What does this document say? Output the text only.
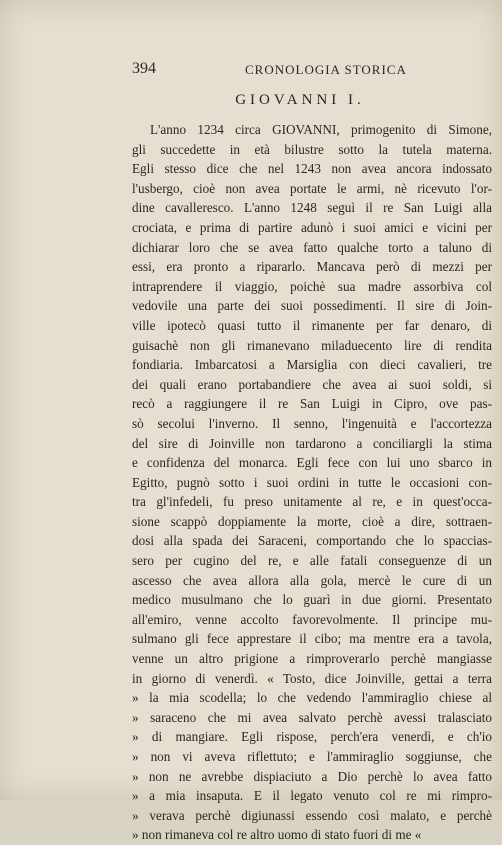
394	CRONOLOGIA STORICA
GIOVANNI I.
L'anno 1234 circa GIOVANNI, primogenito di Simone,
gli succedette in età bilustre sotto la tutela materna.
Egli stesso dice che nel 1243 non avea ancora indossato
l'usbergo, cioè non avea portate le armi, nè ricevuto l'or-
dine cavalleresco. L'anno 1248 seguì il re San Luigi alla
crociata, e prima di partire adunò i suoi amici e vicini per
dichiarar loro che se avea fatto qualche torto a taluno di
essi, era pronto a ripararlo. Mancava però di mezzi per
intraprendere il viaggio, poichè sua madre assorbiva col
vedovile una parte dei suoi possedimenti. Il sire di Join-
ville ipotecò quasi tutto il rimanente per far denaro, di
guisachè non gli rimanevano miladuecento lire di rendita
fondiaria. Imbarcatosi a Marsiglia con dieci cavalieri, tre
dei quali erano portabandiere che avea ai suoi soldi, si
recò a raggiungere il re San Luigi in Cipro, ove pas-
sò secolui l'inverno. Il senno, l'ingenuità e l'accortezza
del sire di Joinville non tardarono a conciliargli la stima
e confidenza del monarca. Egli fece con lui uno sbarco in
Egitto, pugnò sotto i suoi ordini in tutte le occasioni con-
tra gl'infedeli, fu preso unitamente al re, e in quest'occa-
sione scappò doppiamente la morte, cioè a dire, sottraen-
dosi alla spada dei Saraceni, comportando che lo spaccias-
sero per cugino del re, e alle fatali conseguenze di un
ascesso che avea allora alla gola, mercè le cure di un
medico musulmano che lo guarì in due giorni. Presentato
all'emiro, venne accolto favorevolmente. Il principe mu-
sulmano gli fece apprestare il cibo; ma mentre era a tavola,
venne un altro prigione a rimproverarlo perchè mangiasse
in giorno di venerdì. « Tosto, dice Joinville, gettai a terra
» la mia scodella; lo che vedendo l'ammiraglio chiese al
» saraceno che mi avea salvato perchè avessi tralasciato
» di mangiare. Egli rispose, perch'era venerdì, e ch'io
» non vi aveva riflettuto; e l'ammiraglio soggiunse, che
» non ne avrebbe dispiaciuto a Dio perchè lo avea fatto
» a mia insaputa. E il legato venuto col re mi rimpro-
» verava perchè digiunassi essendo così malato, e perchè
» non rimaneva col re altro uomo di stato fuori di me «
